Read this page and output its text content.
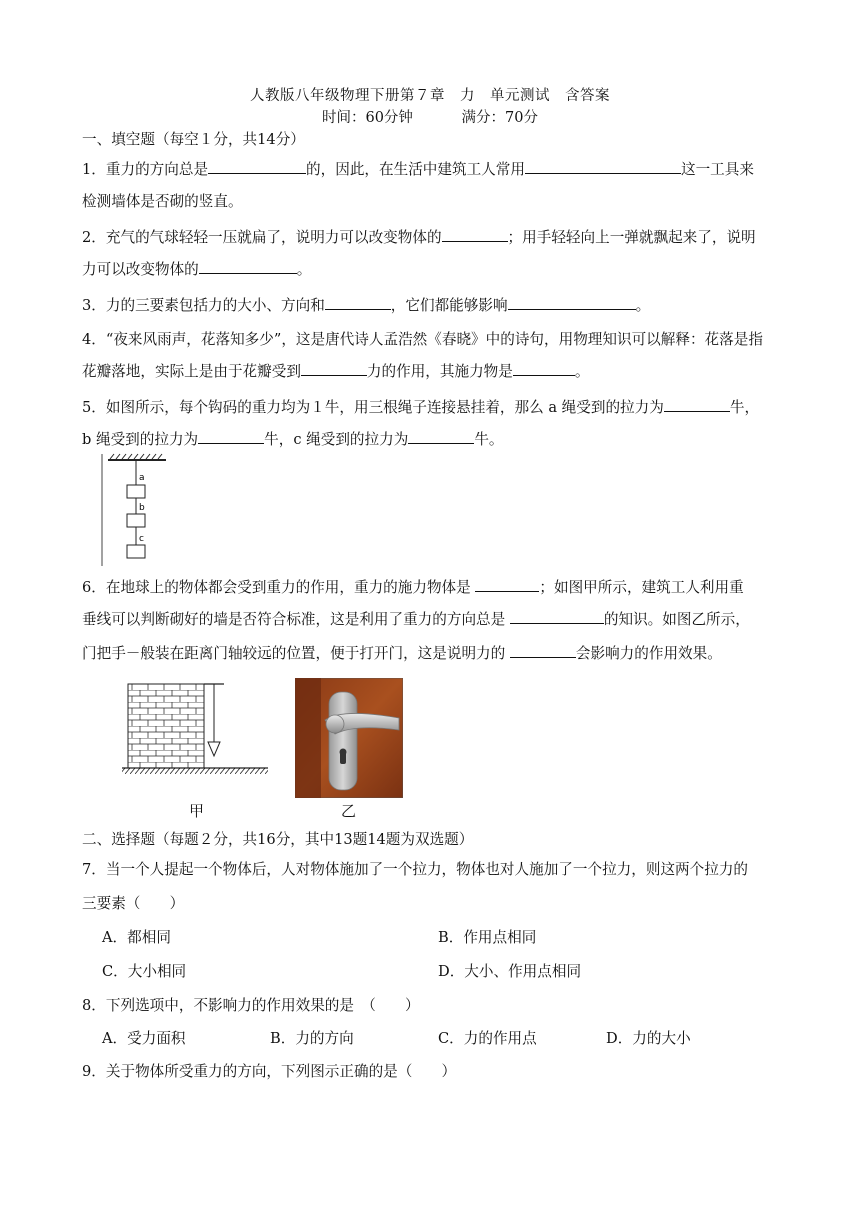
人教版八年级物理下册第７章　力　单元测试　含答案
时间：60分钟	满分：70分
一、填空题（每空１分，共14分）
1．重力的方向总是	的，因此，在生活中建筑工人常用	这一工具来
检测墙体是否砌的竖直。
2．充气的气球轻轻一压就扁了，说明力可以改变物体的	；用手轻轻向上一弹就飘起来了，说明
力可以改变物体的	。
3．力的三要素包括力的大小、方向和	，它们都能够影响	。
4．“夜来风雨声，花落知多少”，这是唐代诗人孟浩然《春晓》中的诗句，用物理知识可以解释：花落是指
花瓣落地，实际上是由于花瓣受到	力的作用，其施力物是	。
5．如图所示，每个钩码的重力均为１牛，用三根绳子连接悬挂着，那么 a 绳受到的拉力为	牛，
b 绳受到的拉力为	牛，c 绳受到的拉力为	牛。
a
b
c
6．在地球上的物体都会受到重力的作用，重力的施力物体是	；如图甲所示，建筑工人利用重
垂线可以判断砌好的墙是否符合标准，这是利用了重力的方向总是	的知识。如图乙所示，
门把手－般装在距离门轴较远的位置，便于打开门，这是说明力的	会影响力的作用效果。
甲	乙
二、选择题（每题２分，共16分，其中13题14题为双选题）
7．当一个人提起一个物体后，人对物体施加了一个拉力，物体也对人施加了一个拉力，则这两个拉力的
三要素（　　）
A．都相同	B．作用点相同
C．大小相同	D．大小、作用点相同
8．下列选项中，不影响力的作用效果的是　（　　）
A．受力面积	B．力的方向	C．力的作用点	D．力的大小
9．关于物体所受重力的方向，下列图示正确的是（　　）
